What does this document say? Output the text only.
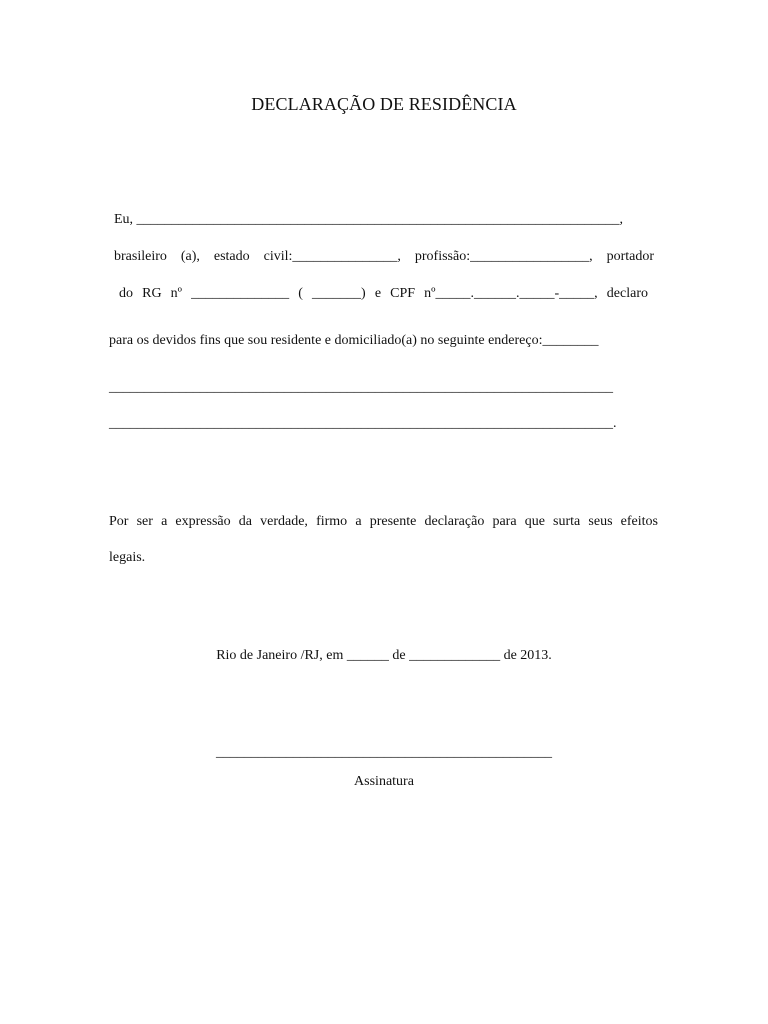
DECLARAÇÃO DE RESIDÊNCIA
Eu, _____________________________________________________________________,
brasileiro (a), estado civil:_______________, profissão:_________________, portador
do RG nº ______________ ( _______) e CPF nº_____.______._____-_____, declaro
para os devidos fins que sou residente e domiciliado(a) no seguinte endereço:________
________________________________________________________________________
________________________________________________________________________.
Por ser a expressão da verdade, firmo a presente declaração para que surta seus efeitos
legais.
Rio de Janeiro /RJ, em ______ de _____________ de 2013.
________________________________________________
Assinatura
